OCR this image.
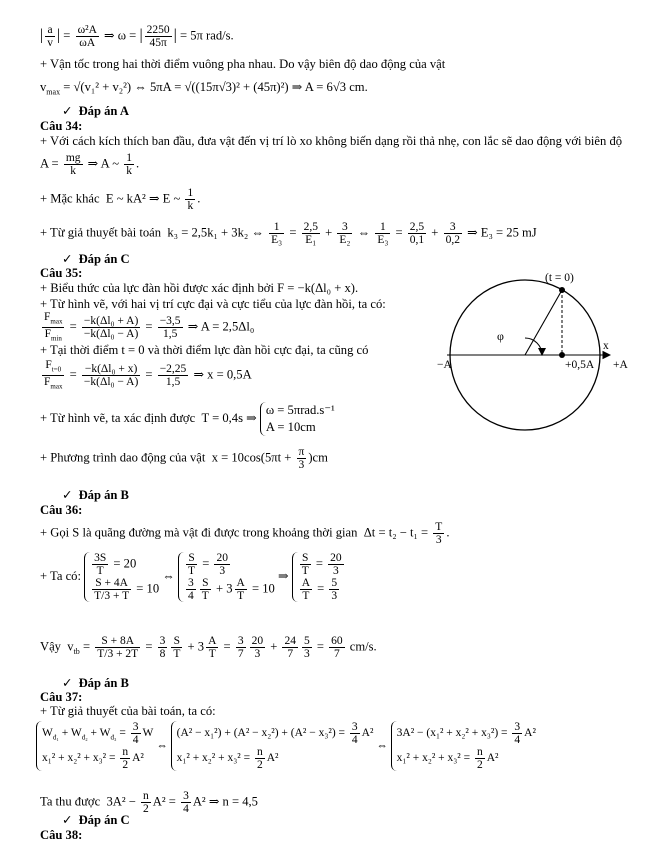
| $\frac{a}{v}$ | = $\frac{\text{ω²A}}{\omega A}$ ⇒ ω = | $\frac{2250}{45\pi}$ | = 5π rad/s.
+ Vận tốc trong hai thời điểm vuông pha nhau. Do vậy biên độ dao động của vật
$v_{max} = √(v_1^2 + v_2^2)$ ⇔ 5πA = √((15π√3)² + (45π)²) ⇒ A = 6√3 cm.
✓ Đáp án A
Câu 34:
+ Với cách kích thích ban đầu, đưa vật đến vị trí lò xo không biến dạng rồi thả nhẹ, con lắc sẽ dao động với biên độ
$A = \frac{mg}{k}$ ⇒ A ~ $\frac{1}{k}$ .
+ Mặc khác  E ~ kA² ⇒ E ~ $\frac{1}{k}$ .
+ Từ giả thuyết bài toán  k₃ = 2,5k₁ + 3k₂ ⇔ $\frac{1}{\text{E₃}} = \frac{2,5}{\text{E₁}} + \frac{3}{\text{E₂}}$ ⇔ $\frac{1}{\text{E₃}} = \frac{2,5}{0,1} + \frac{3}{0,2}$ ⇒ E₃ = 25 mJ
✓ Đáp án C
Câu 35:
+ Biểu thức của lực đàn hồi được xác định bởi F = −k(Δl₀ + x).
+ Từ hình vẽ, với hai vị trí cực đại và cực tiểu của lực đàn hồi, ta có:
$\frac{F_{max}}{F_{min}} = \frac{\text{−k(Δl₀ + A)}}{\text{−k(Δl₀ − A)}} = \frac{-3,5}{1,5}$ ⇒ A = 2,5Δl₀
+ Tại thời điểm t = 0 và thời điểm lực đàn hồi cực đại, ta cũng có
$\frac{F_{t=0}}{F_{max}} = \frac{\text{−k(Δl₀ + x)}}{\text{−k(Δl₀ − A)}} = \frac{-2,25}{1,5}$ ⇒ x = 0,5A
+ Từ hình vẽ, ta xác định được  T = 0,4s ⇒
ω = 5πrad.s⁻¹
A = 10cm
+ Phương trình dao động của vật  $x = 10\cos(5\pi t + \frac{\pi}{3} )cm$
✓ Đáp án B
(t = 0)
φ
x
−A	+A
+0,5A
Câu 36:
+ Gọi S là quãng đường mà vật đi được trong khoảng thời gian  $\Delta t = t_2 - t_1 = \frac{T}{3}$ .
+ Ta có: $\frac{3S}{T} = 20$
$\frac{S + 4A}{T/3 + T} = 10$
⇔ $\frac{S}{T} = \frac{20}{3}$
$\frac{3}{4} \frac{S}{T} + 3 \frac{A}{T} = 10$
⇒ $\frac{S}{T} = \frac{20}{3}$
$\frac{A}{T} = \frac{5}{3}$
Vậy  $v_{tb} = \frac{S + 8A}{T/3 + 2T} = \frac{3}{8} \frac{S}{T} + 3 \frac{A}{T} = \frac{3}{7} \frac{20}{3} + \frac{24}{7} \frac{5}{3} = \frac{60}{7} cm/s$.
✓ Đáp án B
Câu 37:
+ Từ giả thuyết của bài toán, ta có:
$W_{đ_1} + W_{đ_2} + W_{đ_3} = \frac{3}{4}$ W
$x_1^2 + x_2^2 + x_3^2 = \frac{n}{2} A^2$
⇔
$(A^2 - x_1^2) + (A^2 - x_2^2) + (A^2 - x_3^2) = \frac{3}{4} A^2$
$x_1^2 + x_2^2 + x_3^2 = \frac{n}{2} A^2$
⇔
$3A^2 - (x_1^2 + x_2^2 + x_3^2) = \frac{3}{4} A^2$
$x_1^2 + x_2^2 + x_3^2 = \frac{n}{2} A^2$
Ta thu được  $3A^2 - \frac{n}{2} A^2 = \frac{3}{4} A^2$ ⇒ n = 4,5
✓ Đáp án C
Câu 38:
